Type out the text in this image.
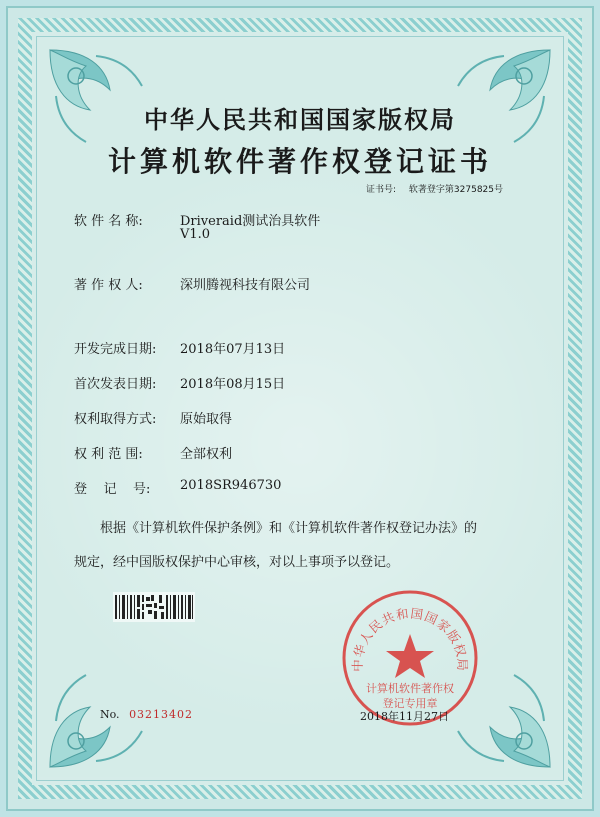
中华人民共和国国家版权局
计算机软件著作权登记证书
证书号: 软著登字第3275825号
软 件 名 称:	Driveraid测试治具软件
V1.0
著 作 权 人:	深圳腾视科技有限公司
开发完成日期: 2018年07月13日
首次发表日期: 2018年08月15日
权利取得方式: 原始取得
权 利 范 围:	全部权利
登    记    号: 2018SR946730
根据《计算机软件保护条例》和《计算机软件著作权登记办法》的
规定，经中国版权保护中心审核，对以上事项予以登记。
中华人民共和国国家版权局
计算机软件著作权
登记专用章
No. 03213402	2018年11月27日
